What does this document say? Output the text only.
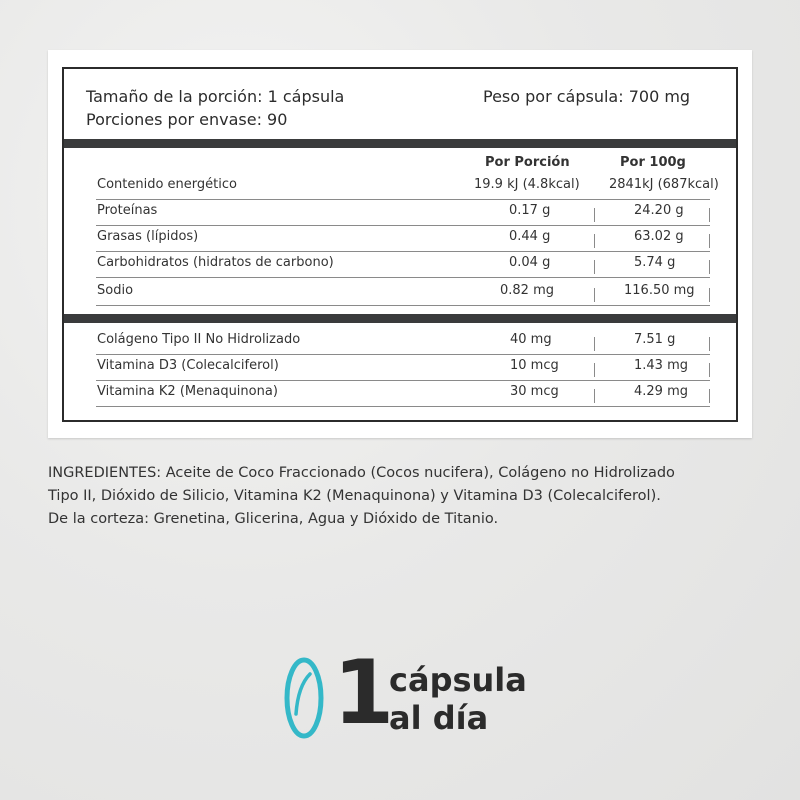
Tamaño de la porción: 1 cápsula
Porciones por envase: 90
Peso por cápsula: 700 mg
Por Porción	Por 100g
Contenido energético	19.9 kJ (4.8kcal)	2841kJ (687kcal)
Proteínas	0.17 g	24.20 g
Grasas (lípidos)	0.44 g	63.02 g
Carbohidratos (hidratos de carbono)	0.04 g	5.74 g
Sodio	0.82 mg	116.50 mg
Colágeno Tipo II No Hidrolizado	40 mg	7.51 g
Vitamina D3 (Colecalciferol)	10 mcg	1.43 mg
Vitamina K2 (Menaquinona)	30 mcg	4.29 mg
INGREDIENTES: Aceite de Coco Fraccionado (Cocos nucifera), Colágeno no Hidrolizado
Tipo II, Dióxido de Silicio, Vitamina K2 (Menaquinona) y Vitamina D3 (Colecalciferol).
De la corteza: Grenetina, Glicerina, Agua y Dióxido de Titanio.
1
cápsula
al día
